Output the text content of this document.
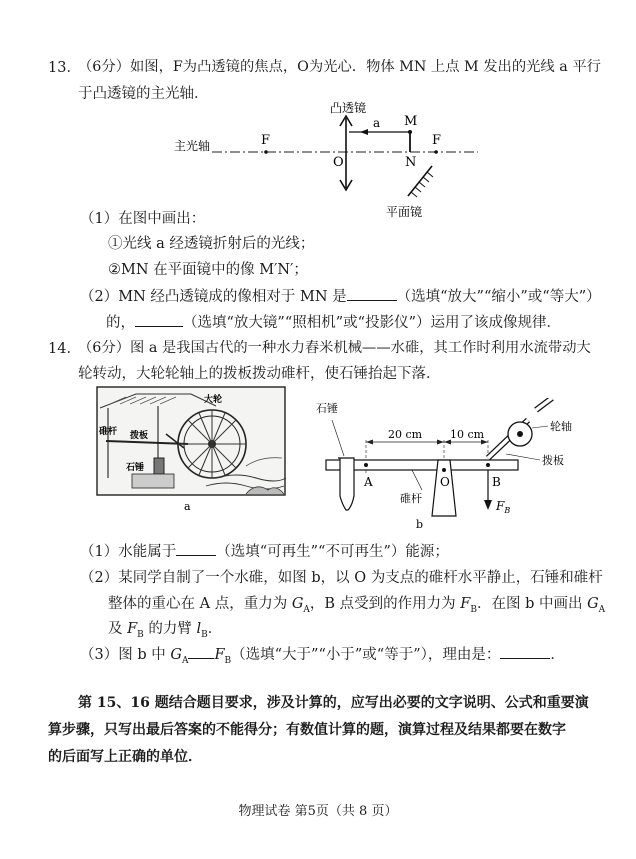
13．
（6分）如图，F为凸透镜的焦点，O为光心．物体 MN 上点 M 发出的光线 a 平行
于凸透镜的主光轴．
凸透镜
主光轴	F	F
O
a M
N
平面镜
（1）在图中画出：
①光线 a 经透镜折射后的光线；
②MN 在平面镜中的像 M′N′；
（2）MN 经凸透镜成的像相对于 MN 是	（选填“放大”“缩小”或“等大”）
的，	（选填“放大镜”“照相机”或“投影仪”）运用了该成像规律．
14．
（6分）图 a 是我国古代的一种水力舂米机械——水碓，其工作时利用水流带动大
轮转动，大轮轮轴上的拨板拨动碓杆，使石锤抬起下落．
大轮
碓杆 拨板
石锤
a
石锤
20 cm	10 cm
轮轴
拨板
A	O	B
碓杆
$F_B$
b
（1）水能属于	（选填“可再生”“不可再生”）能源；
（2）某同学自制了一个水碓，如图 b，以 O 为支点的碓杆水平静止，石锤和碓杆
整体的重心在 A 点，重力为 $G_A$，B 点受到的作用力为 $F_B$．在图 b 中画出 $G_A$
及 $F_B$ 的力臂 $l_B$．
（3）图 b 中 $G_A$ $F_B$（选填“大于”“小于”或“等于”），理由是：	．
第 15、16 题结合题目要求，涉及计算的，应写出必要的文字说明、公式和重要演
算步骤，只写出最后答案的不能得分；有数值计算的题，演算过程及结果都要在数字
的后面写上正确的单位．
物理试卷 第5页（共 8 页）
